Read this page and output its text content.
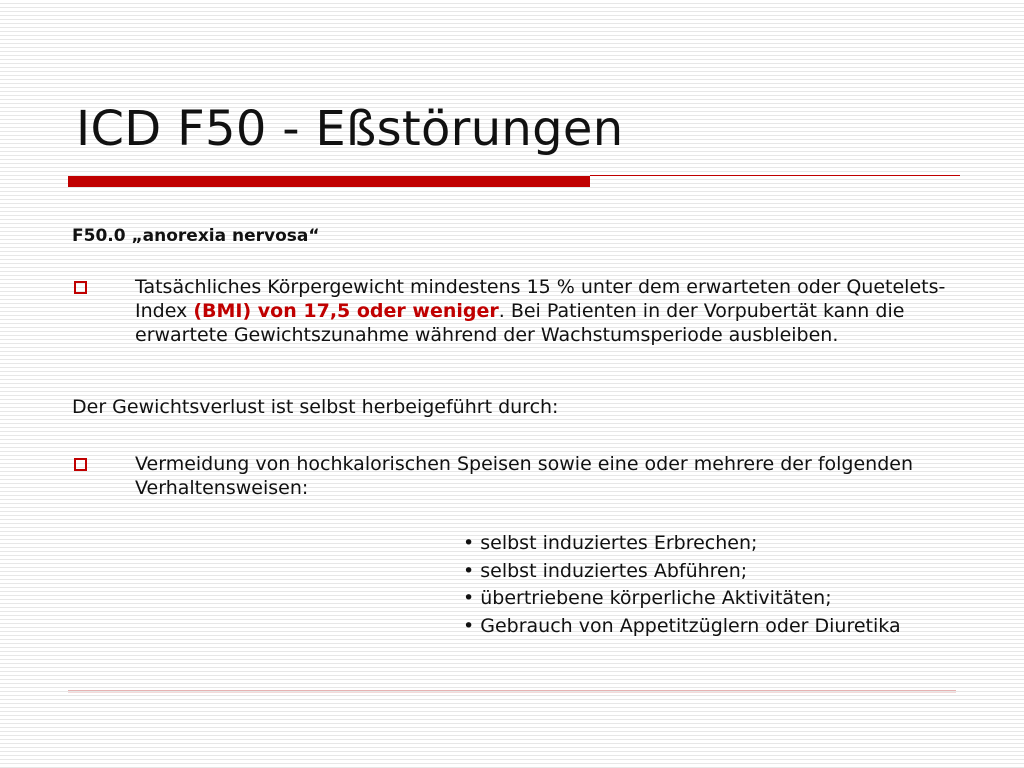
ICD F50 - Eßstörungen
F50.0 „anorexia nervosa“
Tatsächliches Körpergewicht mindestens 15 % unter dem erwarteten oder Quetelets-Index (BMI) von 17,5 oder weniger. Bei Patienten in der Vorpubertät kann die erwartete Gewichtszunahme während der Wachstumsperiode ausbleiben.
Der Gewichtsverlust ist selbst herbeigeführt durch:
Vermeidung von hochkalorischen Speisen sowie eine oder mehrere der folgenden Verhaltensweisen:
• selbst induziertes Erbrechen;
• selbst induziertes Abführen;
• übertriebene körperliche Aktivitäten;
• Gebrauch von Appetitzüglern oder Diuretika
